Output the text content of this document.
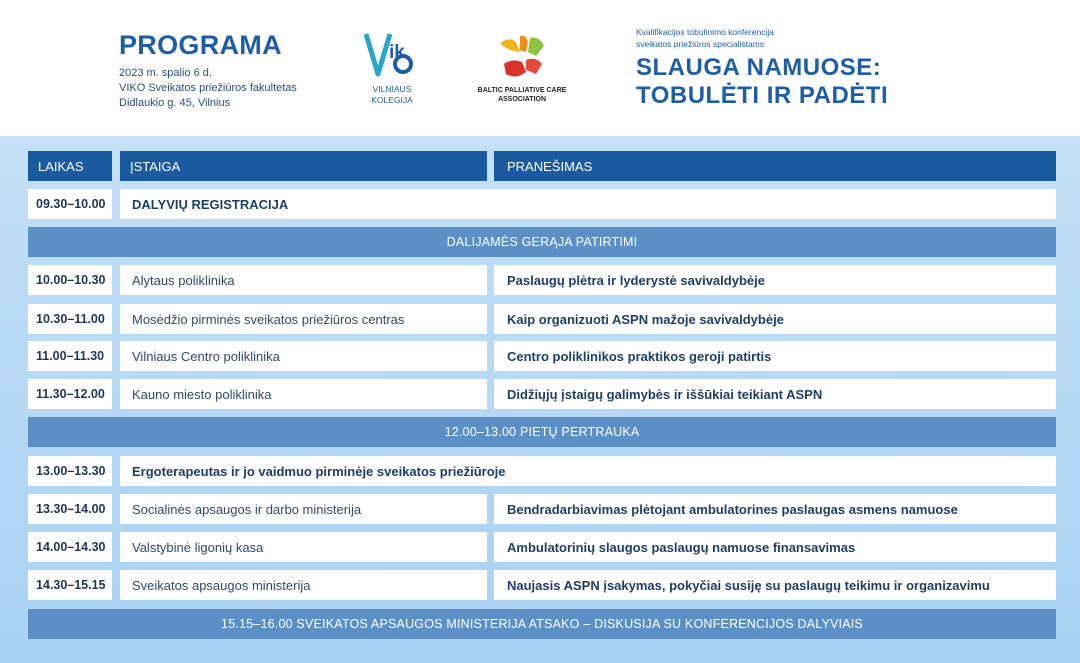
PROGRAMA
2023 m. spalio 6 d.
VIKO Sveikatos priežiūros fakultetas
Didlaukio g. 45, Vilnius
ik
VILNIAUS
KOLEGIJA
BALTIC PALLIATIVE CARE ASSOCIATION
Kvalifikacijos tobulinimo konferencija
sveikatos priežiūros specialistams
SLAUGA NAMUOSE:
TOBULĖTI IR PADĖTI
LAIKAS	ĮSTAIGA	PRANEŠIMAS
09.30–10.00	DALYVIŲ REGISTRACIJA
DALIJAMĖS GERĄJA PATIRTIMI
10.00–10.30	Alytaus poliklinika	Paslaugų plėtra ir lyderystė savivaldybėje
10.30–11.00	Mosėdžio pirminės sveikatos priežiūros centras	Kaip organizuoti ASPN mažoje savivaldybėje
11.00–11.30	Vilniaus Centro poliklinika	Centro poliklinikos praktikos geroji patirtis
11.30–12.00	Kauno miesto poliklinika	Didžiųjų įstaigų galimybės ir iššūkiai teikiant ASPN
12.00–13.00 PIETŲ PERTRAUKA
13.00–13.30	Ergoterapeutas ir jo vaidmuo pirminėje sveikatos priežiūroje
13.30–14.00	Socialinės apsaugos ir darbo ministerija	Bendradarbiavimas plėtojant ambulatorines paslaugas asmens namuose
14.00–14.30	Valstybinė ligonių kasa	Ambulatorinių slaugos paslaugų namuose finansavimas
14.30–15.15	Sveikatos apsaugos ministerija	Naujasis ASPN įsakymas, pokyčiai susiję su paslaugų teikimu ir organizavimu
15.15–16.00 SVEIKATOS APSAUGOS MINISTERIJA ATSAKO – DISKUSIJA SU KONFERENCIJOS DALYVIAIS
